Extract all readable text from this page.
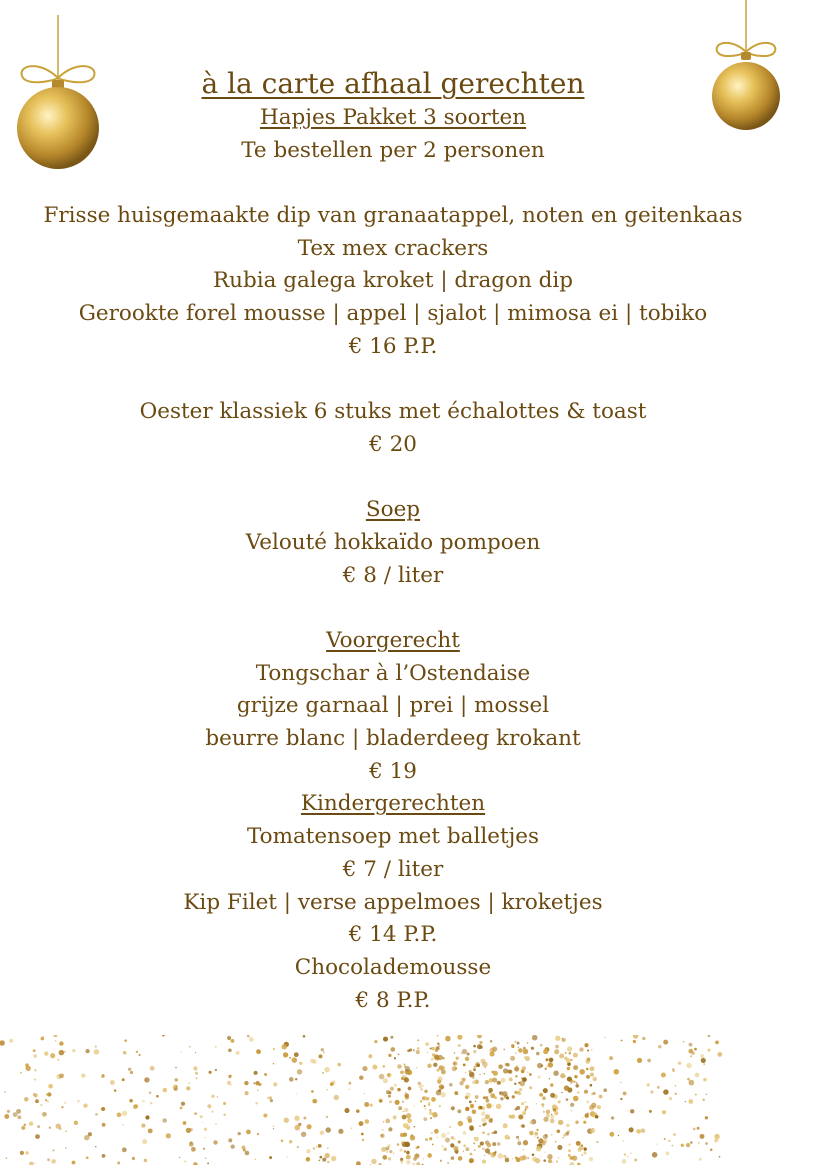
à la carte afhaal gerechten
Hapjes Pakket 3 soorten
Te bestellen per 2 personen
Frisse huisgemaakte dip van granaatappel, noten en geitenkaas
Tex mex crackers
Rubia galega kroket | dragon dip
Gerookte forel mousse | appel | sjalot | mimosa ei | tobiko
€ 16 P.P.
Oester klassiek 6 stuks met échalottes & toast
€ 20
Soep
Velouté hokkaïdo pompoen
€ 8 / liter
Voorgerecht
Tongschar à l’Ostendaise
grijze garnaal | prei | mossel
beurre blanc | bladerdeeg krokant
€ 19
Kindergerechten
Tomatensoep met balletjes
€ 7 / liter
Kip Filet | verse appelmoes | kroketjes
€ 14 P.P.
Chocolademousse
€ 8 P.P.
